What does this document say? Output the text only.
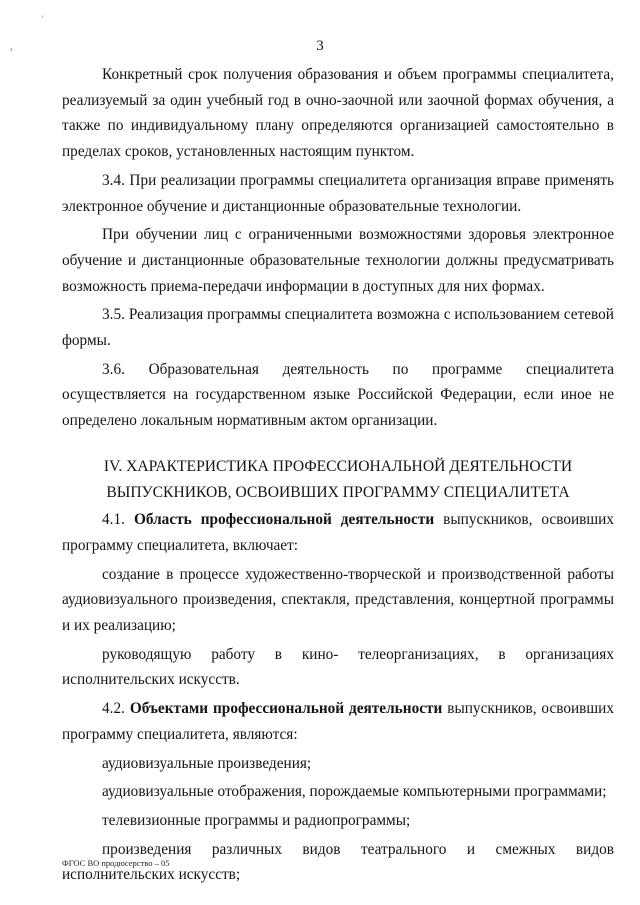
'
‹	3

Конкретный срок получения образования и объем программы специалитета, реализуемый за один учебный год в очно-заочной или заочной формах обучения, а также по индивидуальному плану определяются организацией самостоятельно в пределах сроков, установленных настоящим пунктом.

3.4. При реализации программы специалитета организация вправе применять электронное обучение и дистанционные образовательные технологии.

При обучении лиц с ограниченными возможностями здоровья электронное обучение и дистанционные образовательные технологии должны предусматривать возможность приема-передачи информации в доступных для них формах.

3.5. Реализация программы специалитета возможна с использованием сетевой формы.

3.6. Образовательная деятельность по программе специалитета осуществляется на государственном языке Российской Федерации, если иное не определено локальным нормативным актом организации.

IV. ХАРАКТЕРИСТИКА ПРОФЕССИОНАЛЬНОЙ ДЕЯТЕЛЬНОСТИ
ВЫПУСКНИКОВ, ОСВОИВШИХ ПРОГРАММУ СПЕЦИАЛИТЕТА

4.1. Область профессиональной деятельности выпускников, освоивших программу специалитета, включает:

создание в процессе художественно-творческой и производственной работы аудиовизуального произведения, спектакля, представления, концертной программы и их реализацию;

руководящую работу в кино- телеорганизациях, в организациях исполнительских искусств.

4.2. Объектами профессиональной деятельности выпускников, освоивших программу специалитета, являются:

аудиовизуальные произведения;

аудиовизуальные отображения, порождаемые компьютерными программами;

телевизионные программы и радиопрограммы;

произведения различных видов театрального и смежных видов исполнительских искусств;

ФГОС ВО продюсерство – 05
